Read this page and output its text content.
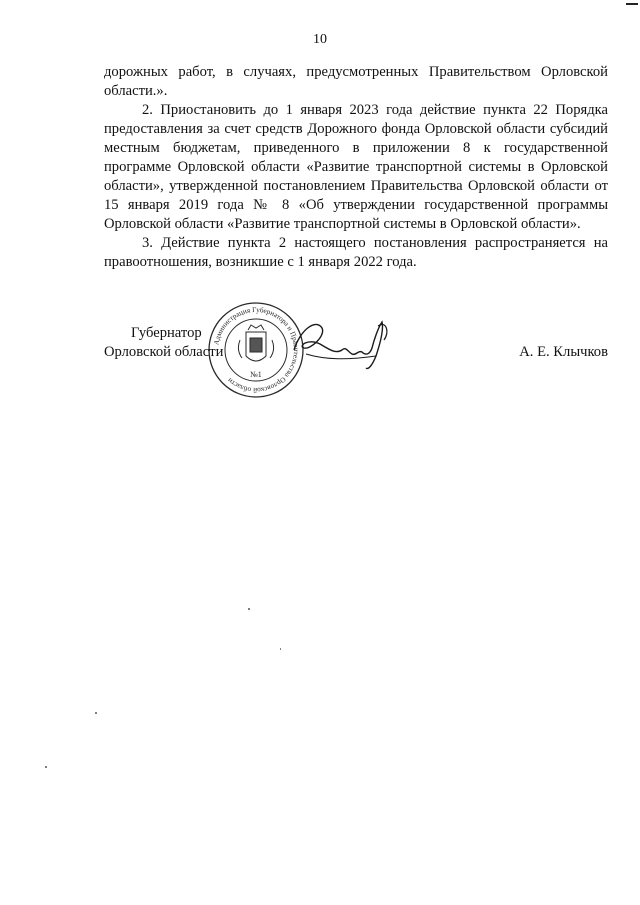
10

дорожных работ, в случаях, предусмотренных Правительством Орловской области.».

2. Приостановить до 1 января 2023 года действие пункта 22 Порядка предоставления за счет средств Дорожного фонда Орловской области субсидий местным бюджетам, приведенного в приложении 8 к государственной программе Орловской области «Развитие транспортной системы в Орловской области», утвержденной постановлением Правительства Орловской области от 15 января 2019 года № 8 «Об утверждении государственной программы Орловской области «Развитие транспортной системы в Орловской области».

3. Действие пункта 2 настоящего постановления распространяется на правоотношения, возникшие с 1 января 2022 года.

Губернатор
Орловской области
Администрация Губернатора и Правительства Орловской области
№1
А. Е. Клычков
